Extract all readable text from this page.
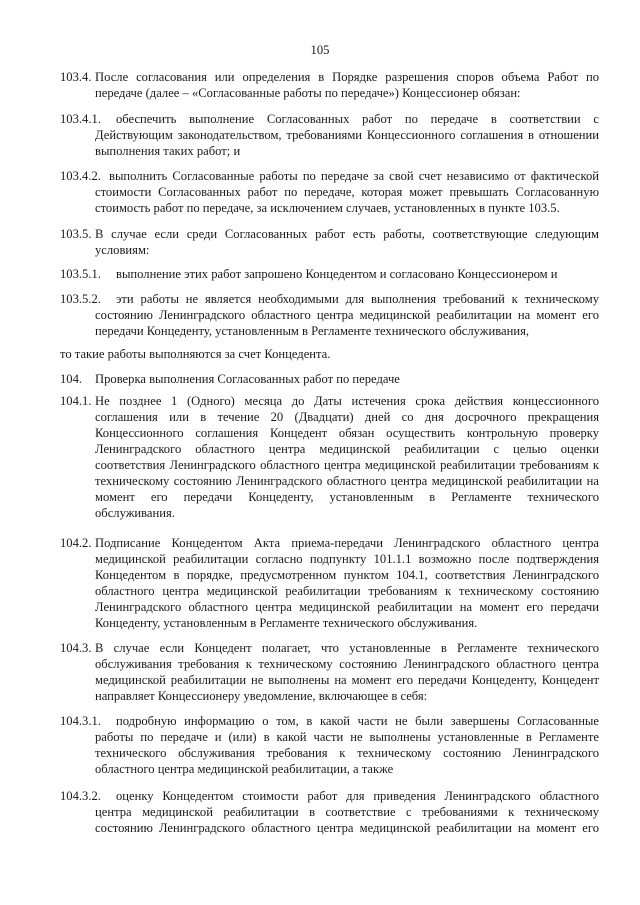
105
103.4. После согласования или определения в Порядке разрешения споров объема Работ по
передаче (далее – «Согласованные работы по передаче») Концессионер обязан:
103.4.1. обеспечить выполнение Согласованных работ по передаче в соответствии с
Действующим законодательством, требованиями Концессионного соглашения в отношении
выполнения таких работ; и
103.4.2. выполнить Согласованные работы по передаче за свой счет независимо от фактической
стоимости Согласованных работ по передаче, которая может превышать Согласованную
стоимость работ по передаче, за исключением случаев, установленных в пункте 103.5.
103.5. В случае если среди Согласованных работ есть работы, соответствующие следующим
условиям:
103.5.1. выполнение этих работ запрошено Концедентом и согласовано Концессионером и
103.5.2. эти работы не является необходимыми для выполнения требований к техническому
состоянию Ленинградского областного центра медицинской реабилитации на момент его
передачи Концеденту, установленным в Регламенте технического обслуживания,
то такие работы выполняются за счет Концедента.
104. Проверка выполнения Согласованных работ по передаче
104.1. Не позднее 1 (Одного) месяца до Даты истечения срока действия концессионного
соглашения или в течение 20 (Двадцати) дней со дня досрочного прекращения
Концессионного соглашения Концедент обязан осуществить контрольную проверку
Ленинградского областного центра медицинской реабилитации с целью оценки
соответствия Ленинградского областного центра медицинской реабилитации требованиям к
техническому состоянию Ленинградского областного центра медицинской реабилитации на
момент его передачи Концеденту, установленным в Регламенте технического
обслуживания.
104.2. Подписание Концедентом Акта приема-передачи Ленинградского областного центра
медицинской реабилитации согласно подпункту 101.1.1 возможно после подтверждения
Концедентом в порядке, предусмотренном пунктом 104.1, соответствия Ленинградского
областного центра медицинской реабилитации требованиям к техническому состоянию
Ленинградского областного центра медицинской реабилитации на момент его передачи
Концеденту, установленным в Регламенте технического обслуживания.
104.3. В случае если Концедент полагает, что установленные в Регламенте технического
обслуживания требования к техническому состоянию Ленинградского областного центра
медицинской реабилитации не выполнены на момент его передачи Концеденту, Концедент
направляет Концессионеру уведомление, включающее в себя:
104.3.1. подробную информацию о том, в какой части не были завершены Согласованные
работы по передаче и (или) в какой части не выполнены установленные в Регламенте
технического обслуживания требования к техническому состоянию Ленинградского
областного центра медицинской реабилитации, а также
104.3.2. оценку Концедентом стоимости работ для приведения Ленинградского областного
центра медицинской реабилитации в соответствие с требованиями к техническому
состоянию Ленинградского областного центра медицинской реабилитации на момент его
